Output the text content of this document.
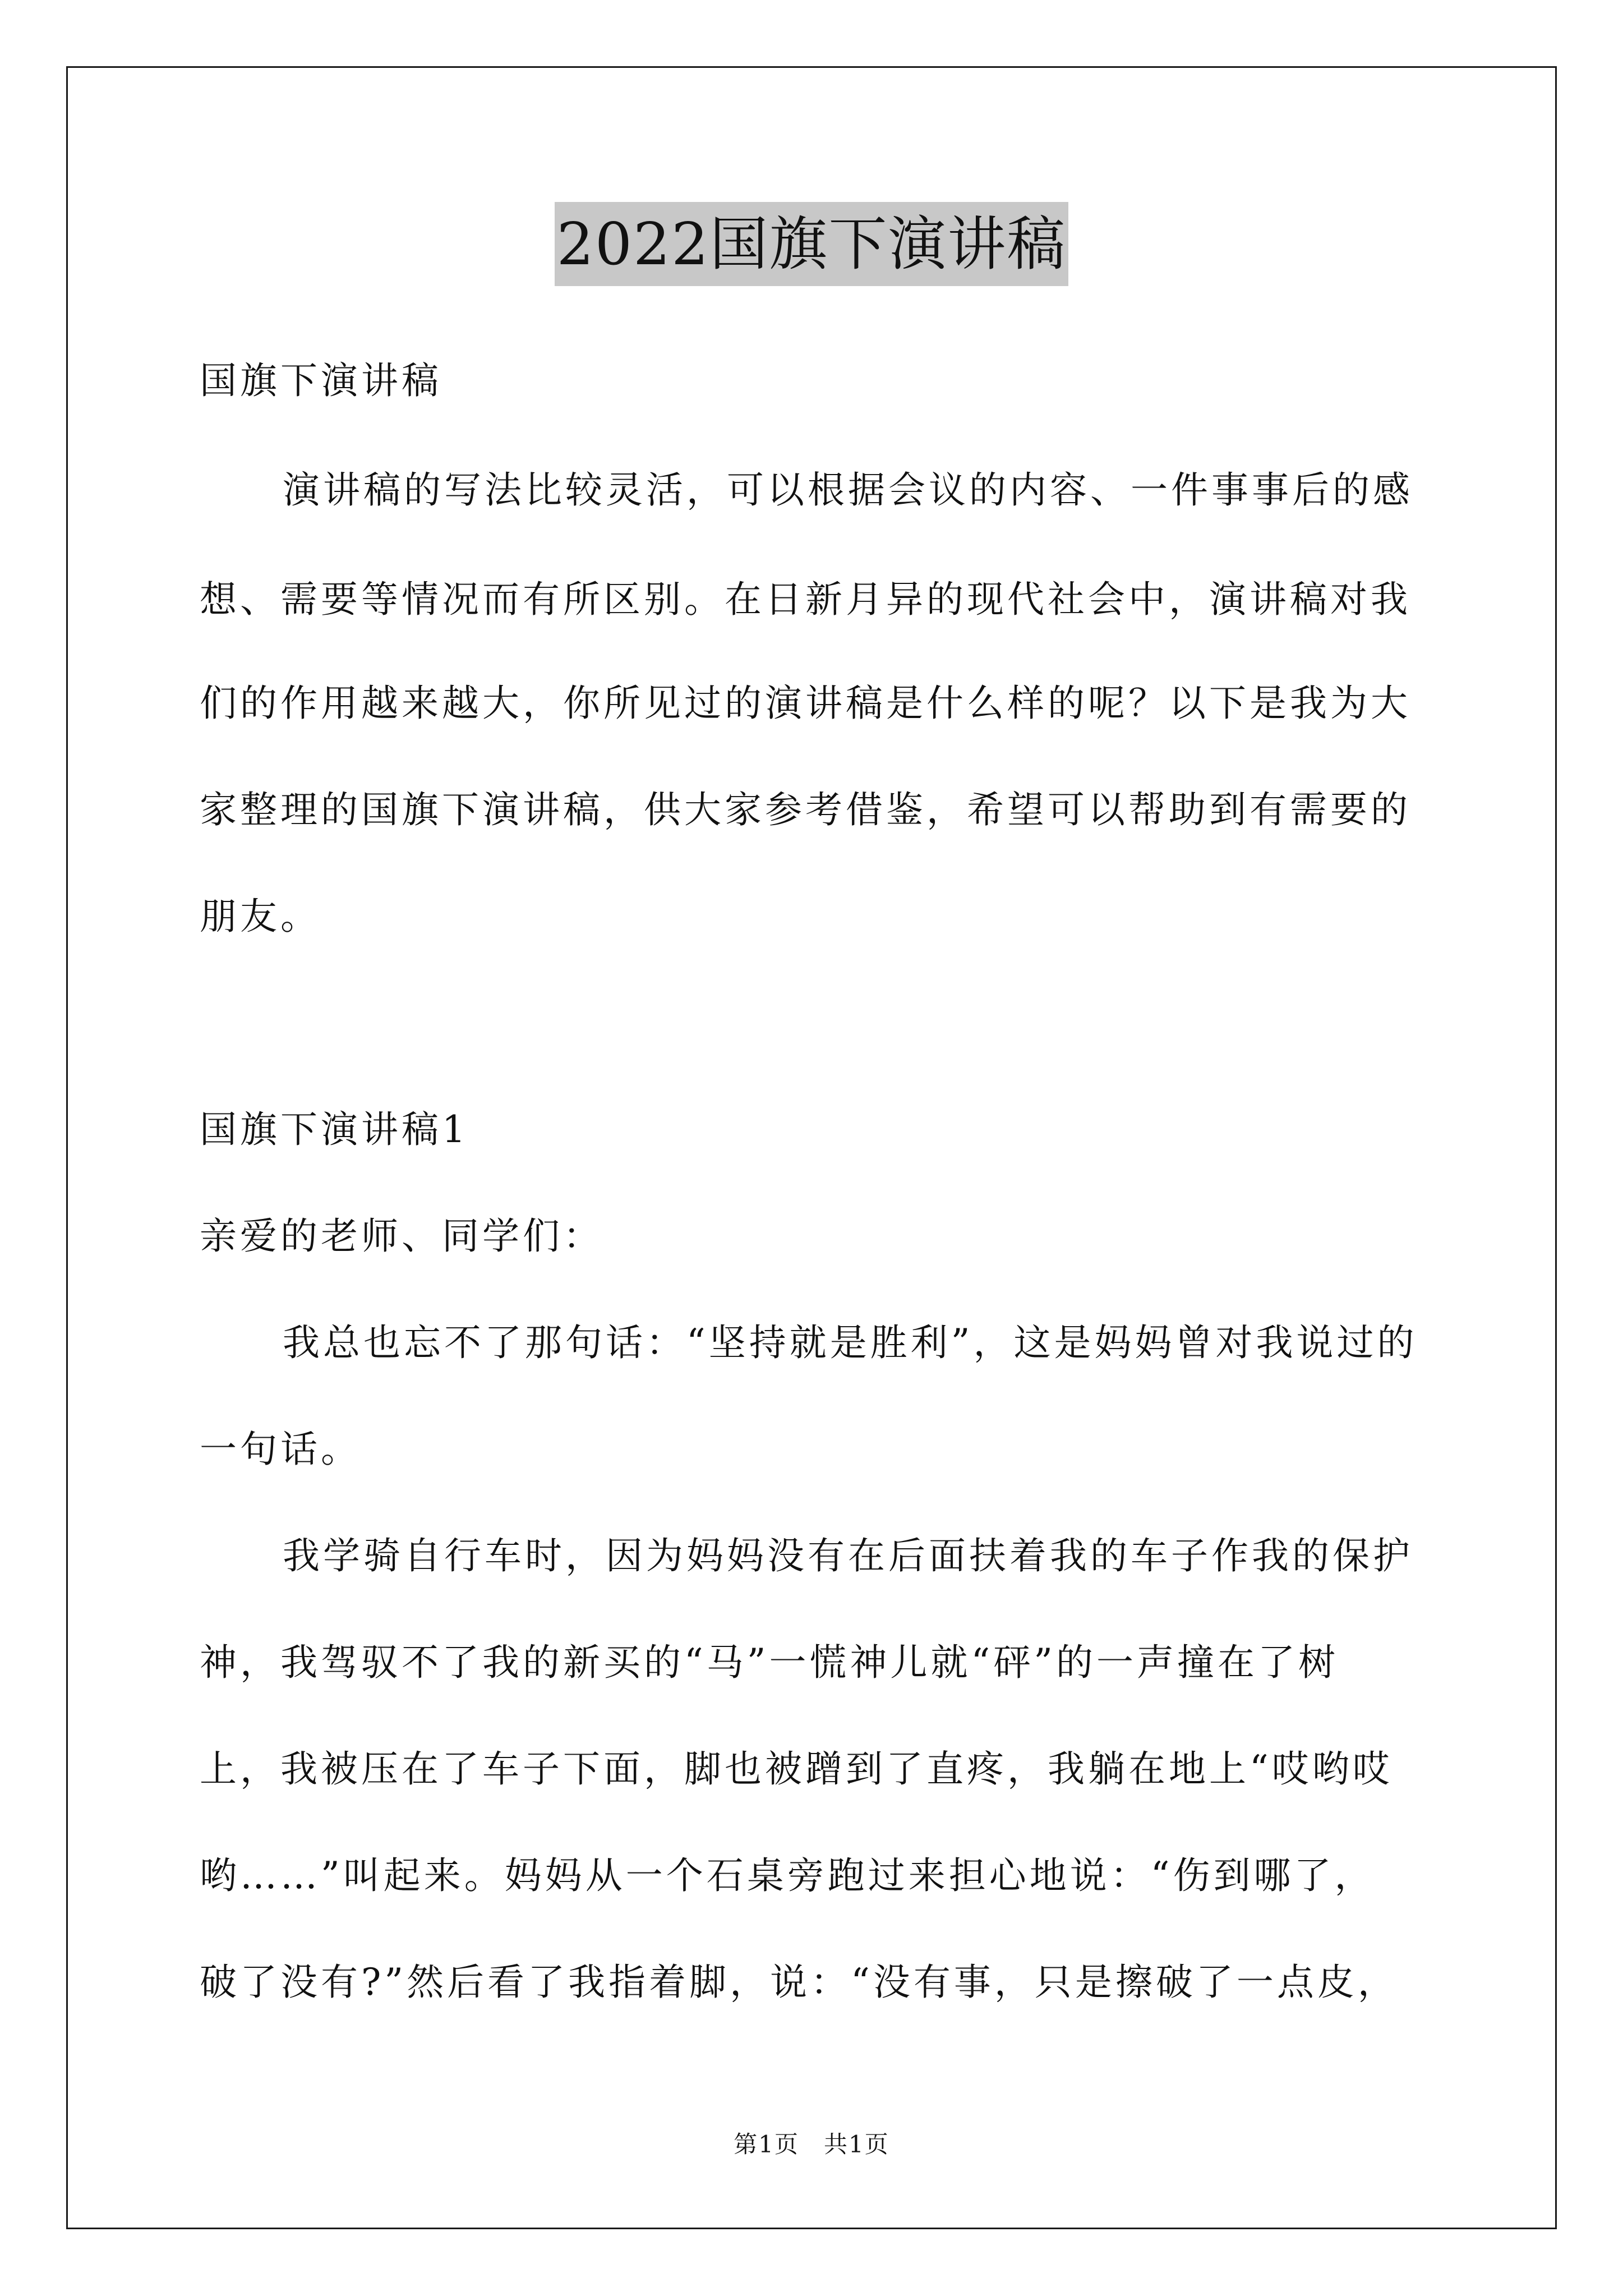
2022国旗下演讲稿
国旗下演讲稿
演讲稿的写法比较灵活，可以根据会议的内容、一件事事后的感
想、需要等情况而有所区别。在日新月异的现代社会中，演讲稿对我
们的作用越来越大，你所见过的演讲稿是什么样的呢？以下是我为大
家整理的国旗下演讲稿，供大家参考借鉴，希望可以帮助到有需要的
朋友。
国旗下演讲稿1
亲爱的老师、同学们：
我总也忘不了那句话：“坚持就是胜利”，这是妈妈曾对我说过的
一句话。
我学骑自行车时，因为妈妈没有在后面扶着我的车子作我的保护
神，我驾驭不了我的新买的“马”一慌神儿就“砰”的一声撞在了树
上，我被压在了车子下面，脚也被蹭到了直疼，我躺在地上“哎哟哎
哟……”叫起来。妈妈从一个石桌旁跑过来担心地说：“伤到哪了，
破了没有?”然后看了我指着脚，说：“没有事，只是擦破了一点皮，
第1页　共1页
